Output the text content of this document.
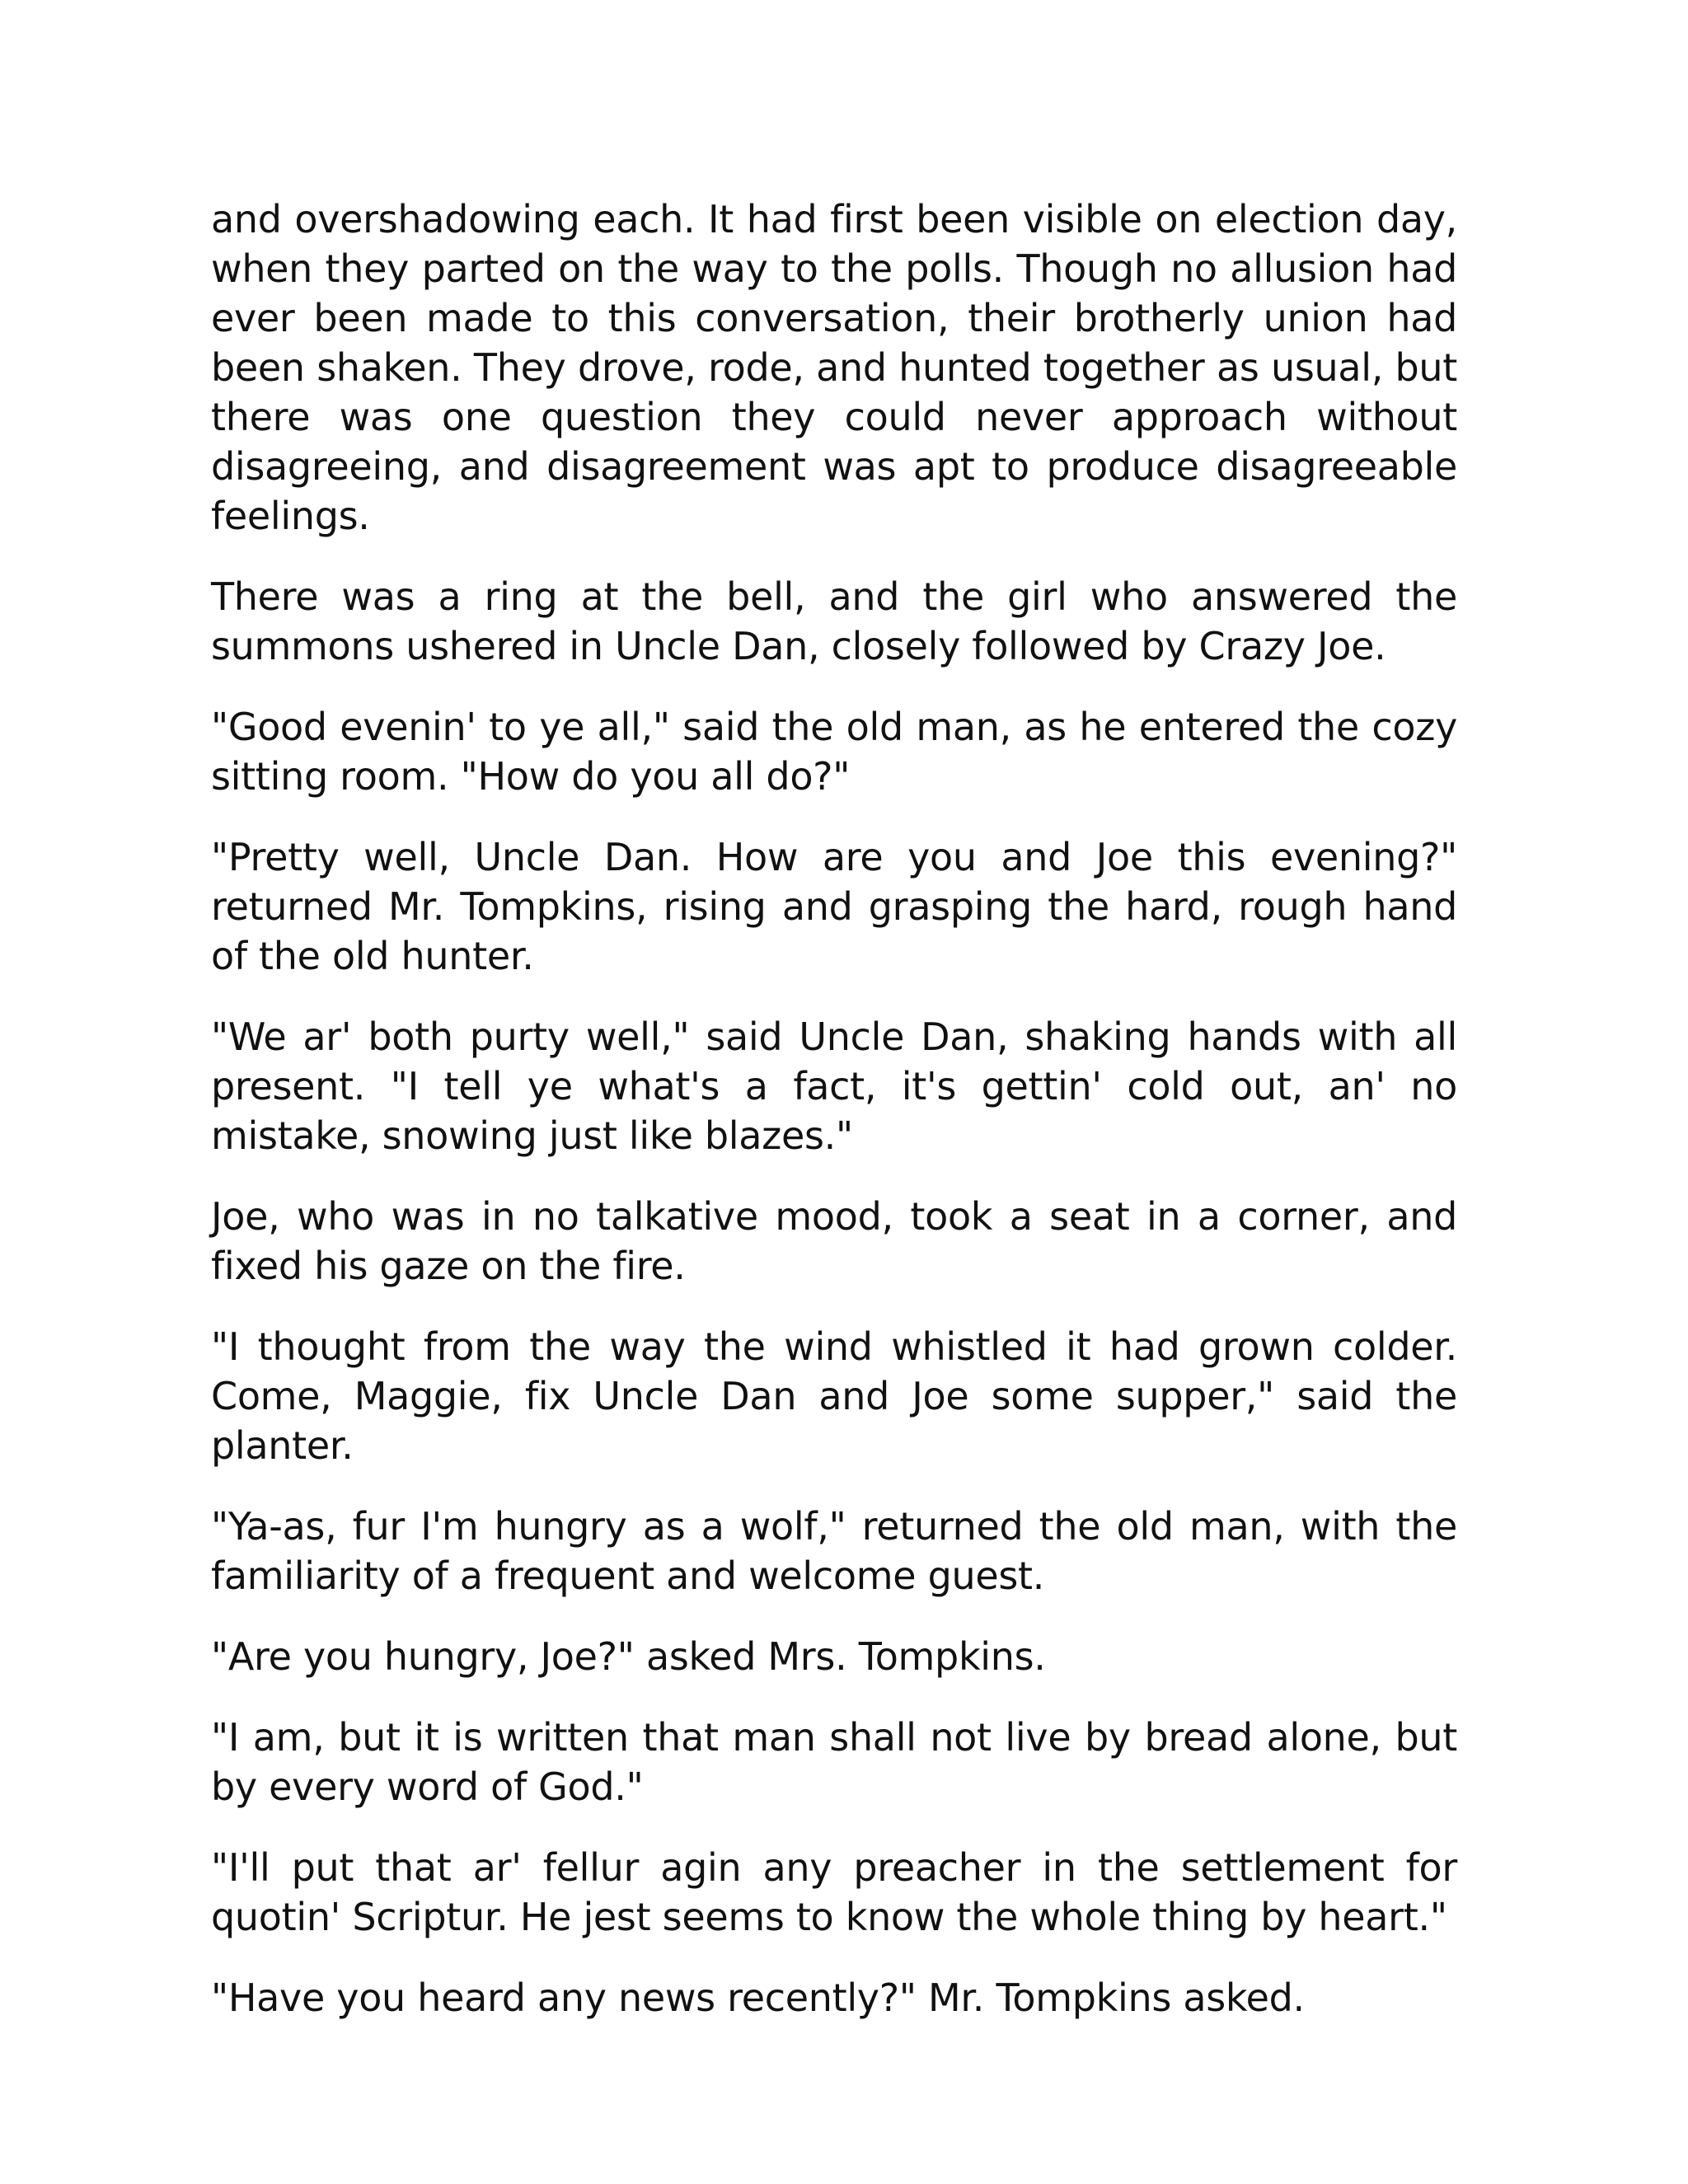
and overshadowing each. It had first been visible on election day, when they parted on the way to the polls. Though no allusion had ever been made to this conversation, their brotherly union had been shaken. They drove, rode, and hunted together as usual, but there was one question they could never approach without disagreeing, and disagreement was apt to produce disagreeable feelings.

There was a ring at the bell, and the girl who answered the summons ushered in Uncle Dan, closely followed by Crazy Joe.

"Good evenin' to ye all," said the old man, as he entered the cozy sitting room. "How do you all do?"

"Pretty well, Uncle Dan. How are you and Joe this evening?" returned Mr. Tompkins, rising and grasping the hard, rough hand of the old hunter.

"We ar' both purty well," said Uncle Dan, shaking hands with all present. "I tell ye what's a fact, it's gettin' cold out, an' no mistake, snowing just like blazes."

Joe, who was in no talkative mood, took a seat in a corner, and fixed his gaze on the fire.

"I thought from the way the wind whistled it had grown colder. Come, Maggie, fix Uncle Dan and Joe some supper," said the planter.

"Ya-as, fur I'm hungry as a wolf," returned the old man, with the familiarity of a frequent and welcome guest.

"Are you hungry, Joe?" asked Mrs. Tompkins.

"I am, but it is written that man shall not live by bread alone, but by every word of God."

"I'll put that ar' fellur agin any preacher in the settlement for quotin' Scriptur. He jest seems to know the whole thing by heart."

"Have you heard any news recently?" Mr. Tompkins asked.
